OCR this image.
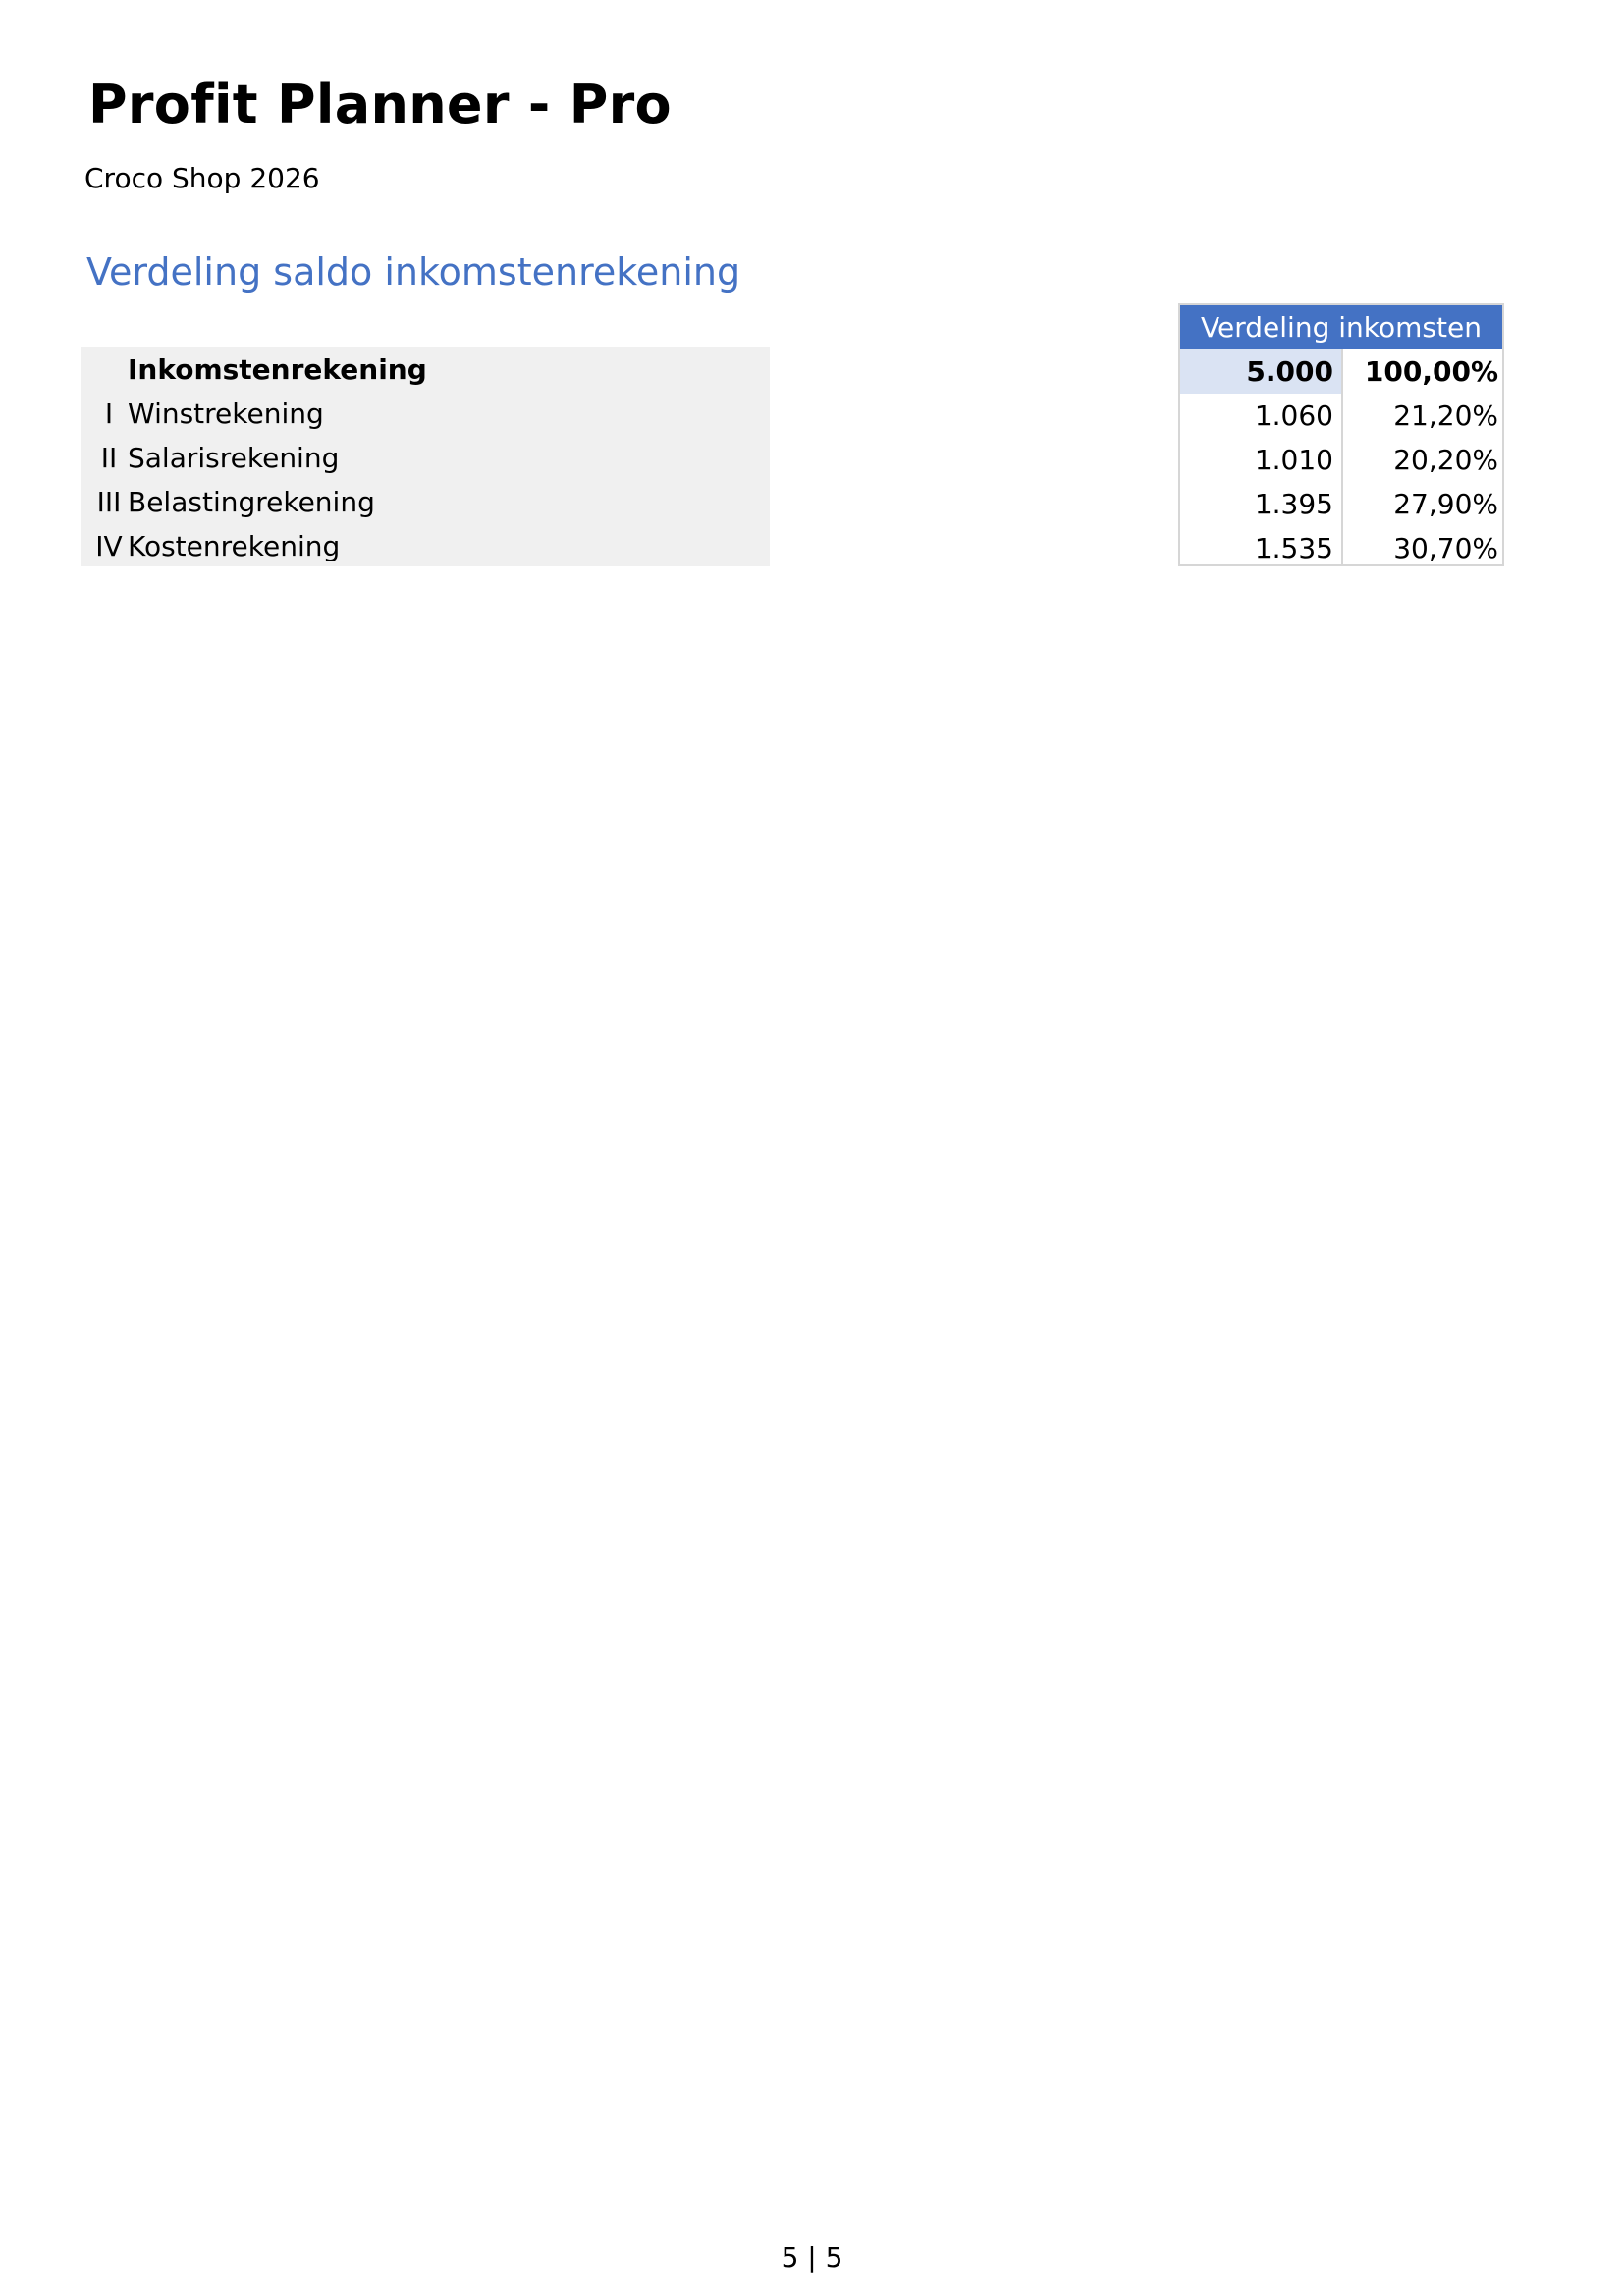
Profit Planner - Pro
Croco Shop 2026
Verdeling saldo inkomstenrekening
Inkomstenrekening
I Winstrekening
II Salarisrekening
III Belastingrekening
IV Kostenrekening
Verdeling inkomsten
5.000 100,00%
1.060 21,20%
1.010 20,20%
1.395 27,90%
1.535 30,70%
5 | 5
